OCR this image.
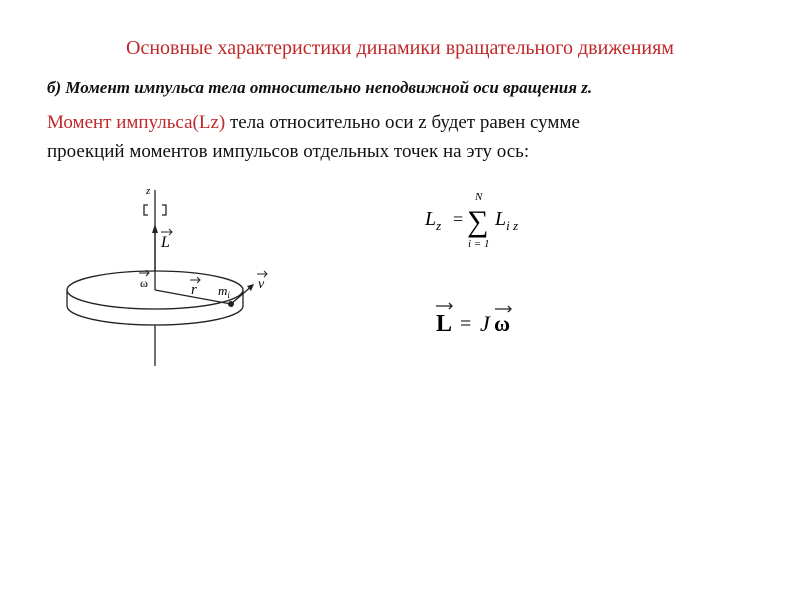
Основные характеристики динамики вращательного движениям
б) Момент импульса тела относительно неподвижной оси вращения z.
Момент импульса(Lz) тела относительно оси z будет равен сумме
проекций моментов импульсов отдельных точек на эту ось:
z
L
ω	r $m_i$
v
$L_z$ =
N
∑
i = 1
$L_{i z}$
L = J ω
